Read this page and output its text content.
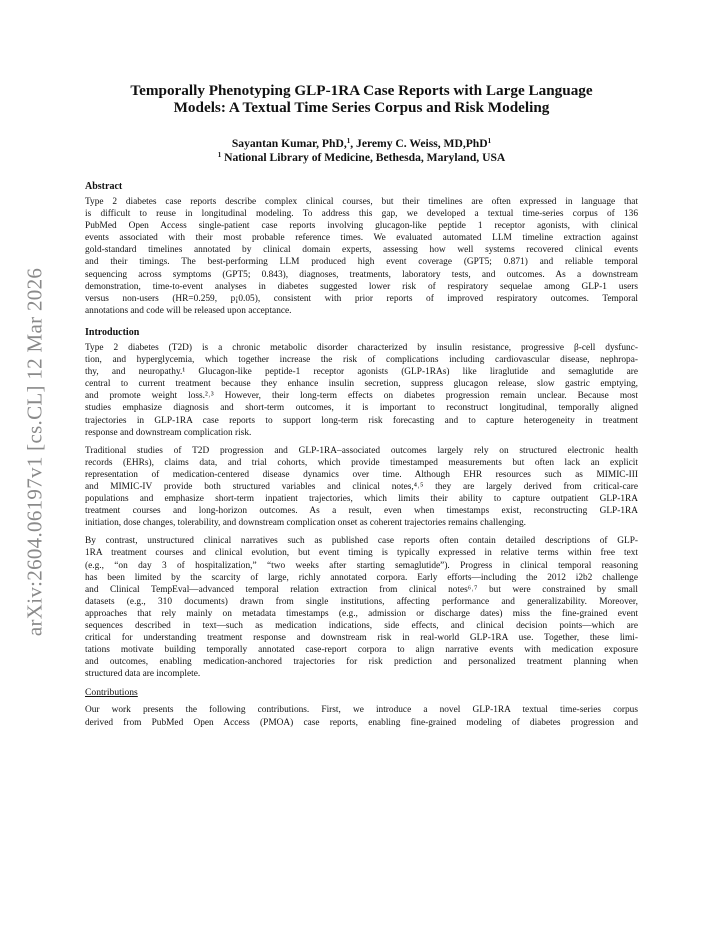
arXiv:2604.06197v1 [cs.CL] 12 Mar 2026
Temporally Phenotyping GLP-1RA Case Reports with Large Language
Models: A Textual Time Series Corpus and Risk Modeling
Sayantan Kumar, PhD,$^1$, Jeremy C. Weiss, MD,PhD$^1$
$^1$ National Library of Medicine, Bethesda, Maryland, USA
Abstract
Type 2 diabetes case reports describe complex clinical courses, but their timelines are often expressed in language that
is difficult to reuse in longitudinal modeling. To address this gap, we developed a textual time-series corpus of 136
PubMed Open Access single-patient case reports involving glucagon-like peptide 1 receptor agonists, with clinical
events associated with their most probable reference times. We evaluated automated LLM timeline extraction against
gold-standard timelines annotated by clinical domain experts, assessing how well systems recovered clinical events
and their timings. The best-performing LLM produced high event coverage (GPT5; 0.871) and reliable temporal
sequencing across symptoms (GPT5; 0.843), diagnoses, treatments, laboratory tests, and outcomes. As a downstream
demonstration, time-to-event analyses in diabetes suggested lower risk of respiratory sequelae among GLP-1 users
versus non-users (HR=0.259, p¡0.05), consistent with prior reports of improved respiratory outcomes. Temporal
annotations and code will be released upon acceptance.
Introduction
Type 2 diabetes (T2D) is a chronic metabolic disorder characterized by insulin resistance, progressive β-cell dysfunc-
tion, and hyperglycemia, which together increase the risk of complications including cardiovascular disease, nephropa-
thy, and neuropathy.¹ Glucagon-like peptide-1 receptor agonists (GLP-1RAs) like liraglutide and semaglutide are
central to current treatment because they enhance insulin secretion, suppress glucagon release, slow gastric emptying,
and promote weight loss.²˒³ However, their long-term effects on diabetes progression remain unclear. Because most
studies emphasize diagnosis and short-term outcomes, it is important to reconstruct longitudinal, temporally aligned
trajectories in GLP-1RA case reports to support long-term risk forecasting and to capture heterogeneity in treatment
response and downstream complication risk.
Traditional studies of T2D progression and GLP-1RA–associated outcomes largely rely on structured electronic health
records (EHRs), claims data, and trial cohorts, which provide timestamped measurements but often lack an explicit
representation of medication-centered disease dynamics over time. Although EHR resources such as MIMIC-III
and MIMIC-IV provide both structured variables and clinical notes,⁴˒⁵ they are largely derived from critical-care
populations and emphasize short-term inpatient trajectories, which limits their ability to capture outpatient GLP-1RA
treatment courses and long-horizon outcomes. As a result, even when timestamps exist, reconstructing GLP-1RA
initiation, dose changes, tolerability, and downstream complication onset as coherent trajectories remains challenging.
By contrast, unstructured clinical narratives such as published case reports often contain detailed descriptions of GLP-
1RA treatment courses and clinical evolution, but event timing is typically expressed in relative terms within free text
(e.g., “on day 3 of hospitalization,” “two weeks after starting semaglutide”). Progress in clinical temporal reasoning
has been limited by the scarcity of large, richly annotated corpora. Early efforts—including the 2012 i2b2 challenge
and Clinical TempEval—advanced temporal relation extraction from clinical notes⁶˒⁷ but were constrained by small
datasets (e.g., 310 documents) drawn from single institutions, affecting performance and generalizability. Moreover,
approaches that rely mainly on metadata timestamps (e.g., admission or discharge dates) miss the fine-grained event
sequences described in text—such as medication indications, side effects, and clinical decision points—which are
critical for understanding treatment response and downstream risk in real-world GLP-1RA use. Together, these limi-
tations motivate building temporally annotated case-report corpora to align narrative events with medication exposure
and outcomes, enabling medication-anchored trajectories for risk prediction and personalized treatment planning when
structured data are incomplete.
Contributions
Our work presents the following contributions. First, we introduce a novel GLP-1RA textual time-series corpus
derived from PubMed Open Access (PMOA) case reports, enabling fine-grained modeling of diabetes progression and
